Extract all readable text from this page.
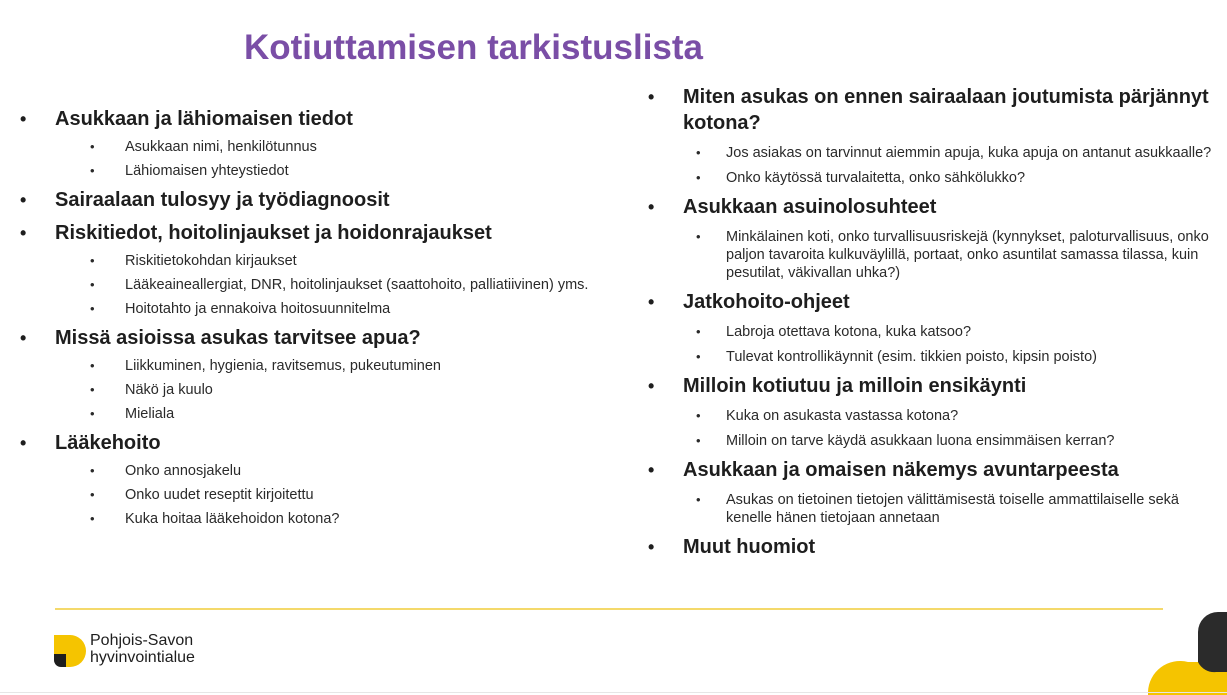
Kotiuttamisen tarkistuslista
• Asukkaan ja lähiomaisen tiedot
• Asukkaan nimi, henkilötunnus
• Lähiomaisen yhteystiedot
• Sairaalaan tulosyy ja työdiagnoosit
• Riskitiedot, hoitolinjaukset ja hoidonrajaukset
• Riskitietokohdan kirjaukset
• Lääkeaineallergiat, DNR, hoitolinjaukset (saattohoito, palliatiivinen) yms.
• Hoitotahto ja ennakoiva hoitosuunnitelma
• Missä asioissa asukas tarvitsee apua?
• Liikkuminen, hygienia, ravitsemus, pukeutuminen
• Näkö ja kuulo
• Mieliala
• Lääkehoito
• Onko annosjakelu
• Onko uudet reseptit kirjoitettu
• Kuka hoitaa lääkehoidon kotona?
• Miten asukas on ennen sairaalaan joutumista pärjännyt kotona?
• Jos asiakas on tarvinnut aiemmin apuja, kuka apuja on antanut asukkaalle?
• Onko käytössä turvalaitetta, onko sähkölukko?
• Asukkaan asuinolosuhteet
• Minkälainen koti, onko turvallisuusriskejä (kynnykset, paloturvallisuus, onko paljon tavaroita kulkuväylillä, portaat, onko asuntilat samassa tilassa, kuin pesutilat, väkivallan uhka?)
• Jatkohoito-ohjeet
• Labroja otettava kotona, kuka katsoo?
• Tulevat kontrollikäynnit (esim. tikkien poisto, kipsin poisto)
• Milloin kotiutuu ja milloin ensikäynti
• Kuka on asukasta vastassa kotona?
• Milloin on tarve käydä asukkaan luona ensimmäisen kerran?
• Asukkaan ja omaisen näkemys avuntarpeesta
• Asukas on tietoinen tietojen välittämisestä toiselle ammattilaiselle sekä kenelle hänen tietojaan annetaan
• Muut huomiot
Pohjois-Savon
hyvinvointialue
